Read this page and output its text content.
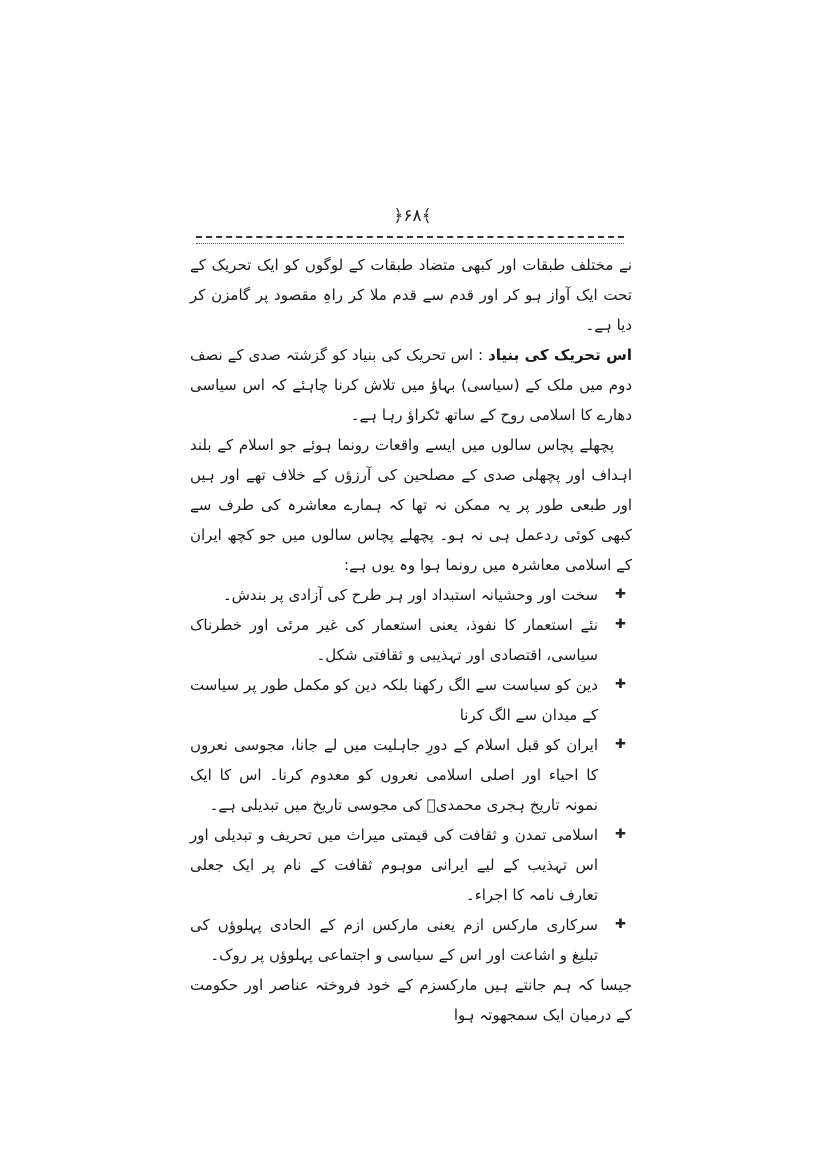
﴿۶۸﴾

نے مختلف طبقات اور کبھی متضاد طبقات کے لوگوں کو ایک تحریک کے تحت ایک آواز ہو کر اور قدم سے قدم ملا کر راہِ مقصود پر گامزن کر دیا ہے۔

اس تحریک کی بنیاد : اس تحریک کی بنیاد کو گزشتہ صدی کے نصف دوم میں ملک کے (سیاسی) بہاؤ میں تلاش کرنا چاہئے کہ اس سیاسی دھارے کا اسلامی روح کے ساتھ ٹکراؤ رہا ہے۔

پچھلے پچاس سالوں میں ایسے واقعات رونما ہوئے جو اسلام کے بلند اہداف اور پچھلی صدی کے مصلحین کی آرزؤں کے خلاف تھے اور ہیں اور طبعی طور پر یہ ممکن نہ تھا کہ ہمارے معاشرہ کی طرف سے کبھی کوئی ردعمل ہی نہ ہو۔ پچھلے پچاس سالوں میں جو کچھ ایران کے اسلامی معاشرہ میں رونما ہوا وہ یوں ہے:

✚
سخت اور وحشیانہ استبداد اور ہر طرح کی آزادی پر بندش۔
✚
نئے استعمار کا نفوذ، یعنی استعمار کی غیر مرئی اور خطرناک سیاسی، اقتصادی اور تہذیبی و ثقافتی شکل۔
✚
دین کو سیاست سے الگ رکھنا بلکہ دین کو مکمل طور پر سیاست کے میدان سے الگ کرنا
✚
ایران کو قبل اسلام کے دورِ جاہلیت میں لے جانا، مجوسی نعروں کا احیاء اور اصلی اسلامی نعروں کو معدوم کرنا۔ اس کا ایک نمونہ تاریخ ہجری محمدیؐ کی مجوسی تاریخ میں تبدیلی ہے۔
✚
اسلامی تمدن و ثقافت کی قیمتی میراث میں تحریف و تبدیلی اور اس تہذیب کے لیے ایرانی موہوم ثقافت کے نام پر ایک جعلی تعارف نامہ کا اجراء۔
✚
سرکاری مارکس ازم یعنی مارکس ازم کے الحادی پہلوؤں کی تبلیغ و اشاعت اور اس کے سیاسی و اجتماعی پہلوؤں پر روک۔

جیسا کہ ہم جانتے ہیں مارکسزم کے خود فروختہ عناصر اور حکومت کے درمیان ایک سمجھوتہ ہوا
